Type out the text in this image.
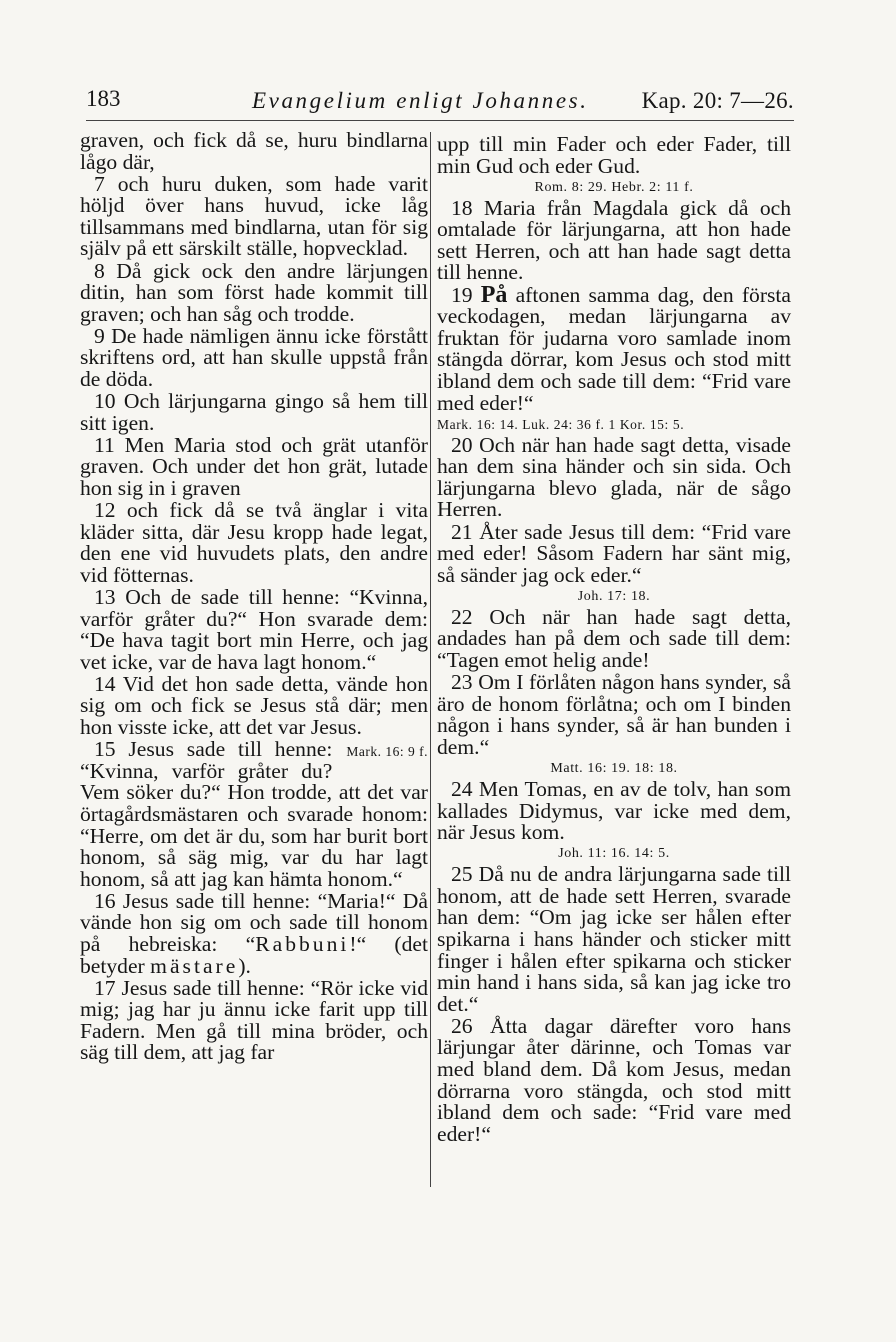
183	Evangelium enligt Johannes. Kap. 20: 7—26.

graven, och fick då se, huru bindlarna lågo där,

7 och huru duken, som hade varit höljd över hans huvud, icke låg tillsammans med bindlarna, utan för sig själv på ett särskilt ställe, hopvecklad.

8 Då gick ock den andre lärjungen ditin, han som först hade kommit till graven; och han såg och trodde.

9 De hade nämligen ännu icke förstått skriftens ord, att han skulle uppstå från de döda.

10 Och lärjungarna gingo så hem till sitt igen.

11 Men Maria stod och grät utanför graven. Och under det hon grät, lutade hon sig in i graven

12 och fick då se två änglar i vita kläder sitta, där Jesu kropp hade legat, den ene vid huvudets plats, den andre vid fötternas.

13 Och de sade till henne: “Kvinna, varför gråter du?“ Hon svarade dem: “De hava tagit bort min Herre, och jag vet icke, var de hava lagt honom.“

14 Vid det hon sade detta, vände hon sig om och fick se Jesus stå där; men hon visste icke, att det var Jesus.
Mark. 16: 9 f.

15 Jesus sade till henne: “Kvinna, varför gråter du? Vem söker du?“ Hon trodde, att det var örtagårdsmästaren och svarade honom: “Herre, om det är du, som har burit bort honom, så säg mig, var du har lagt honom, så att jag kan hämta honom.“

16 Jesus sade till henne: “Maria!“ Då vände hon sig om och sade till honom på hebreiska: “Rabbuni!“ (det betyder mästare).

17 Jesus sade till henne: “Rör icke vid mig; jag har ju ännu icke farit upp till Fadern. Men gå till mina bröder, och säg till dem, att jag far

upp till min Fader och eder Fader, till min Gud och eder Gud.

Rom. 8: 29. Hebr. 2: 11 f.

18 Maria från Magdala gick då och omtalade för lärjungarna, att hon hade sett Herren, och att han hade sagt detta till henne.

19 På aftonen samma dag, den första veckodagen, medan lärjungarna av fruktan för judarna voro samlade inom stängda dörrar, kom Jesus och stod mitt ibland dem och sade till dem: “Frid vare med eder!“

Mark. 16: 14. Luk. 24: 36 f. 1 Kor. 15: 5.

20 Och när han hade sagt detta, visade han dem sina händer och sin sida. Och lärjungarna blevo glada, när de sågo Herren.

21 Åter sade Jesus till dem: “Frid vare med eder! Såsom Fadern har sänt mig, så sänder jag ock eder.“

Joh. 17: 18.

22 Och när han hade sagt detta, andades han på dem och sade till dem: “Tagen emot helig ande!

23 Om I förlåten någon hans synder, så äro de honom förlåtna; och om I binden någon i hans synder, så är han bunden i dem.“

Matt. 16: 19. 18: 18.

24 Men Tomas, en av de tolv, han som kallades Didymus, var icke med dem, när Jesus kom.

Joh. 11: 16. 14: 5.

25 Då nu de andra lärjungarna sade till honom, att de hade sett Herren, svarade han dem: “Om jag icke ser hålen efter spikarna i hans händer och sticker mitt finger i hålen efter spikarna och sticker min hand i hans sida, så kan jag icke tro det.“

26 Åtta dagar därefter voro hans lärjungar åter därinne, och Tomas var med bland dem. Då kom Jesus, medan dörrarna voro stängda, och stod mitt ibland dem och sade: “Frid vare med eder!“
